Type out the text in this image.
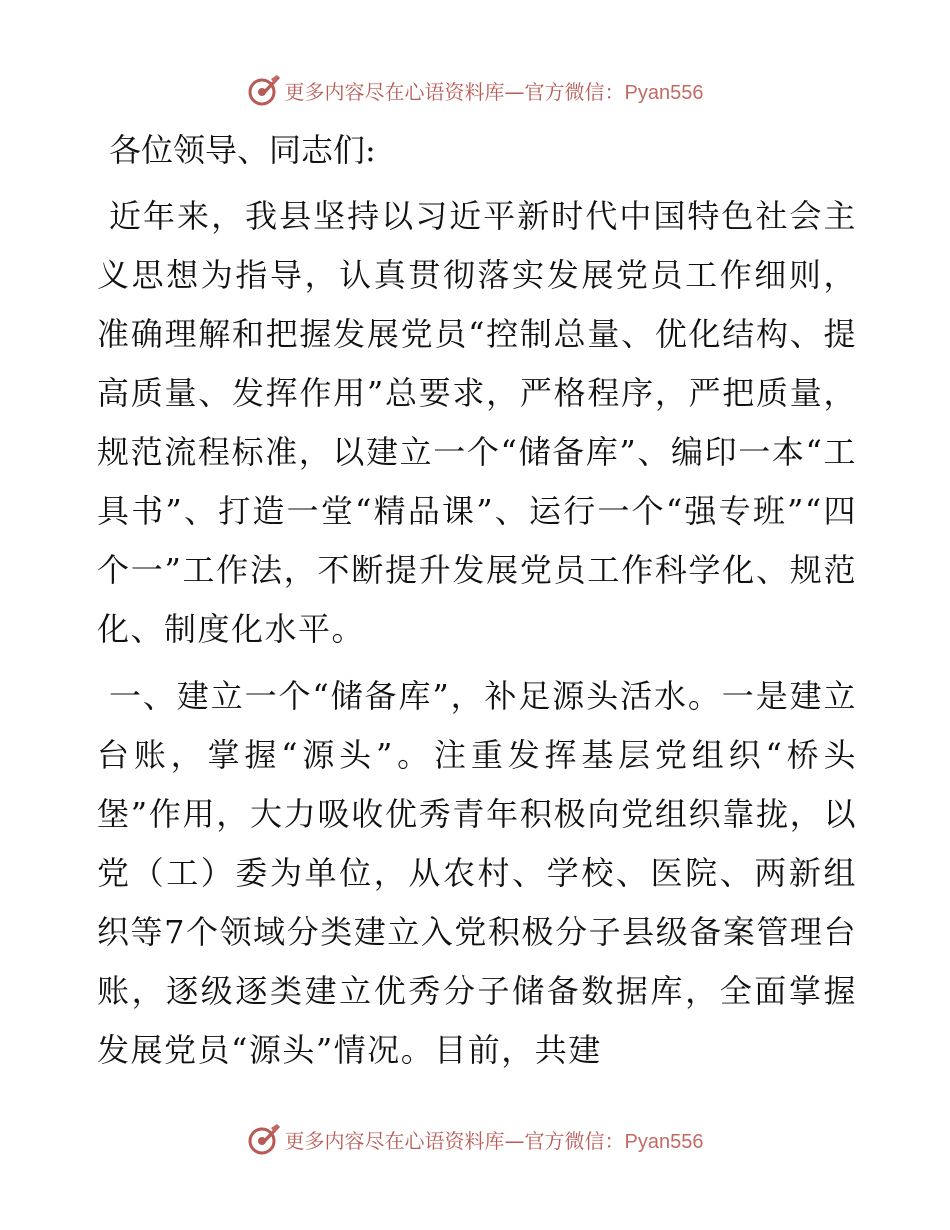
更多内容尽在心语资料库—官方微信：Pyan556
各位领导、同志们:

近年来，我县坚持以习近平新时代中国特色社会主义思想为指导，认真贯彻落实发展党员工作细则，准确理解和把握发展党员“控制总量、优化结构、提高质量、发挥作用”总要求，严格程序，严把质量，规范流程标准，以建立一个“储备库”、编印一本“工具书”、打造一堂“精品课”、运行一个“强专班”“四个一”工作法，不断提升发展党员工作科学化、规范化、制度化水平。

一、建立一个“储备库”，补足源头活水。一是建立台账，掌握“源头”。注重发挥基层党组织“桥头堡”作用，大力吸收优秀青年积极向党组织靠拢，以党（工）委为单位，从农村、学校、医院、两新组织等7个领域分类建立入党积极分子县级备案管理台账，逐级逐类建立优秀分子储备数据库，全面掌握发展党员“源头”情况。目前，共建

更多内容尽在心语资料库—官方微信：Pyan556
